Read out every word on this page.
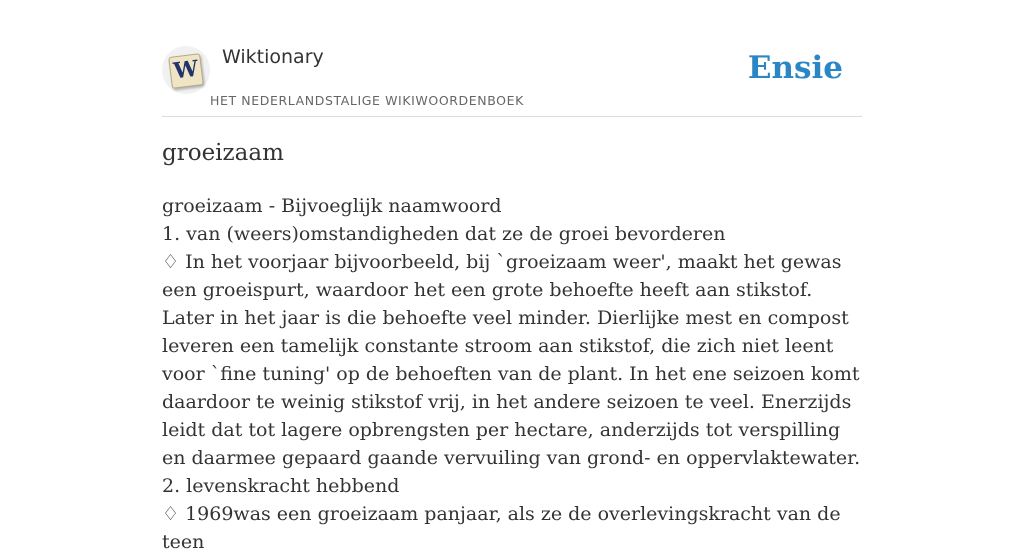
W Wiktionary
HET NEDERLANDSTALIGE WIKIWOORDENBOEK
Ensie
groeizaam

groeizaam - Bijvoeglijk naamwoord

1. van (weers)omstandigheden dat ze de groei bevorderen

♢ In het voorjaar bijvoorbeeld, bij `groeizaam weer', maakt het gewas een groeispurt, waardoor het een grote behoefte heeft aan stikstof. Later in het jaar is die behoefte veel minder. Dierlijke mest en compost leveren een tamelijk constante stroom aan stikstof, die zich niet leent voor `fine tuning' op de behoeften van de plant. In het ene seizoen komt daardoor te weinig stikstof vrij, in het andere seizoen te veel. Enerzijds leidt dat tot lagere opbrengsten per hectare, anderzijds tot verspilling en daarmee gepaard gaande vervuiling van grond- en oppervlaktewater.

2. levenskracht hebbend

♢ 1969was een groeizaam panjaar, als ze de overlevingskracht van de teen
